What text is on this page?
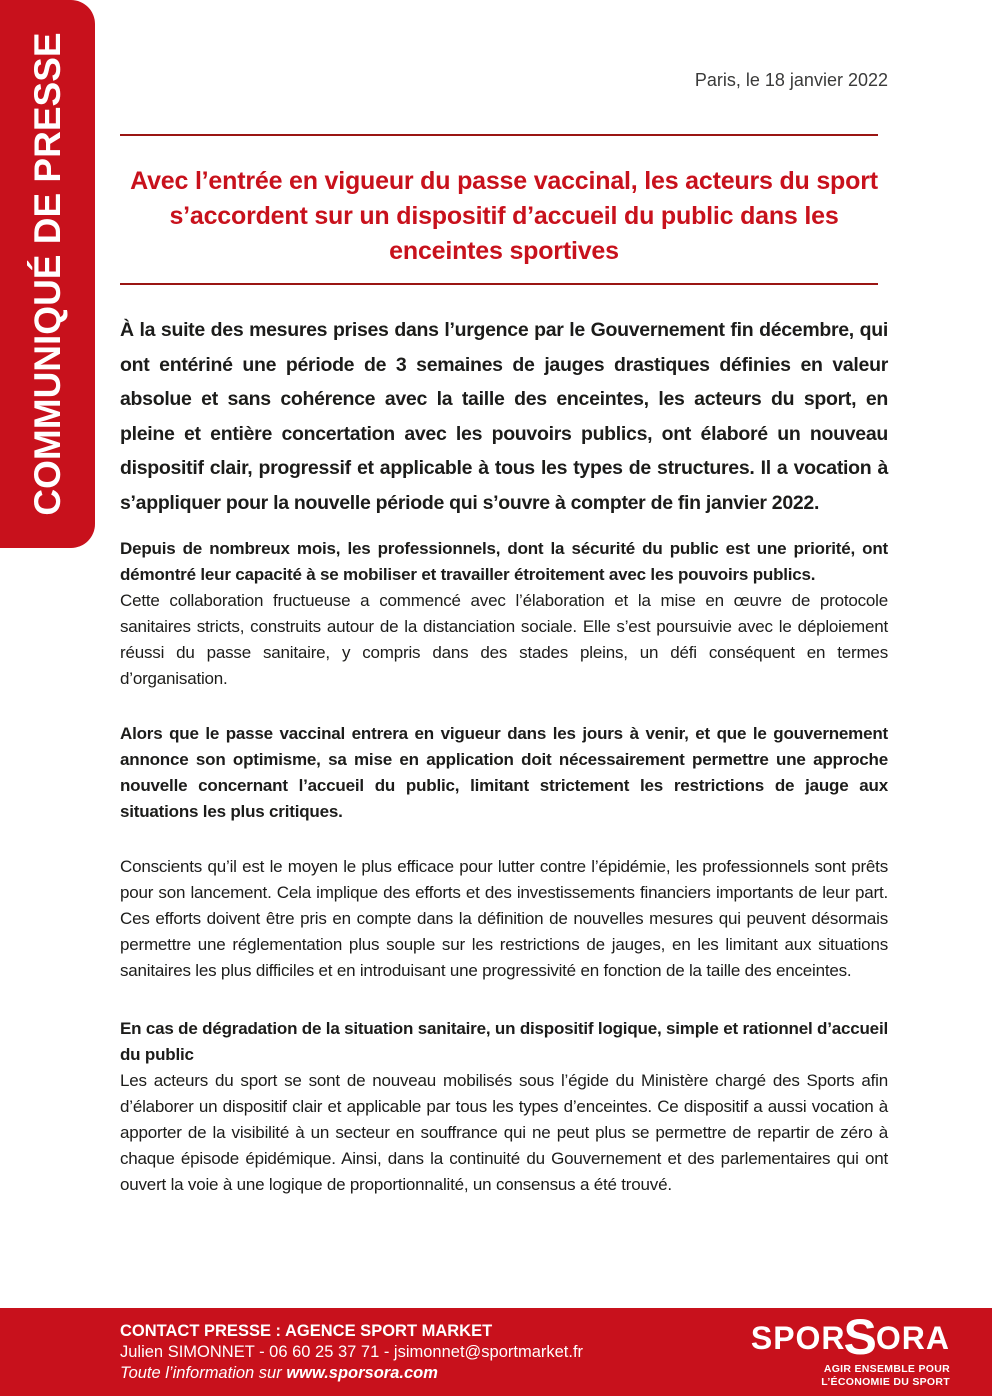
COMMUNIQUÉ DE PRESSE	Paris, le 18 janvier 2022
Avec l’entrée en vigueur du passe vaccinal, les acteurs du sport s’accordent sur un dispositif d’accueil du public dans les enceintes sportives

À la suite des mesures prises dans l’urgence par le Gouvernement fin décembre, qui ont entériné une période de 3 semaines de jauges drastiques définies en valeur absolue et sans cohérence avec la taille des enceintes, les acteurs du sport, en pleine et entière concertation avec les pouvoirs publics, ont élaboré un nouveau dispositif clair, progressif et applicable à tous les types de structures. Il a vocation à s’appliquer pour la nouvelle période qui s’ouvre à compter de fin janvier 2022.

Depuis de nombreux mois, les professionnels, dont la sécurité du public est une priorité, ont démontré leur capacité à se mobiliser et travailler étroitement avec les pouvoirs publics.

Cette collaboration fructueuse a commencé avec l’élaboration et la mise en œuvre de protocole sanitaires stricts, construits autour de la distanciation sociale. Elle s’est poursuivie avec le déploiement réussi du passe sanitaire, y compris dans des stades pleins, un défi conséquent en termes d’organisation.

Alors que le passe vaccinal entrera en vigueur dans les jours à venir, et que le gouvernement annonce son optimisme, sa mise en application doit nécessairement permettre une approche nouvelle concernant l’accueil du public, limitant strictement les restrictions de jauge aux situations les plus critiques.

Conscients qu’il est le moyen le plus efficace pour lutter contre l’épidémie, les professionnels sont prêts pour son lancement. Cela implique des efforts et des investissements financiers importants de leur part. Ces efforts doivent être pris en compte dans la définition de nouvelles mesures qui peuvent désormais permettre une réglementation plus souple sur les restrictions de jauges, en les limitant aux situations sanitaires les plus difficiles et en introduisant une progressivité en fonction de la taille des enceintes.

En cas de dégradation de la situation sanitaire, un dispositif logique, simple et rationnel d’accueil du public

Les acteurs du sport se sont de nouveau mobilisés sous l’égide du Ministère chargé des Sports afin d’élaborer un dispositif clair et applicable par tous les types d’enceintes. Ce dispositif a aussi vocation à apporter de la visibilité à un secteur en souffrance qui ne peut plus se permettre de repartir de zéro à chaque épisode épidémique. Ainsi, dans la continuité du Gouvernement et des parlementaires qui ont ouvert la voie à une logique de proportionnalité, un consensus a été trouvé.

CONTACT PRESSE : AGENCE SPORT MARKET
Julien SIMONNET - 06 60 25 37 71 - jsimonnet@sportmarket.fr
Toute l’information sur www.sporsora.com
SPOR
S
ORA
AGIR ENSEMBLE POUR
L’ÉCONOMIE DU SPORT
